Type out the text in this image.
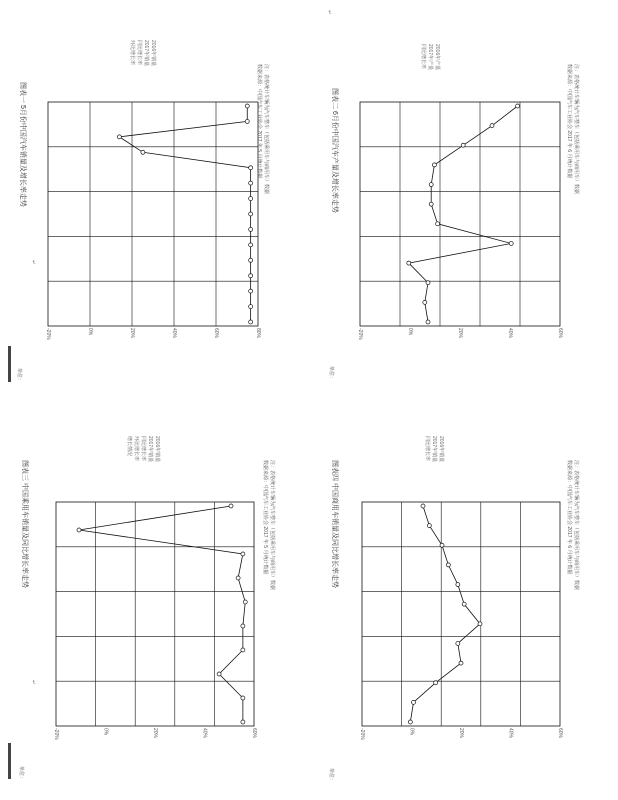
↵
↵
↵
图表一 5月份中国汽车销量及增长率走势
单位：
-20%	0%	20%	40%	60%	80%
数据来源：中国汽车工业协会 2017 年 5 月统计数据 注：表格统计车辆为汽车整车（包括乘用车与商用车）数据
2016年销量
2017年销量
同比增长率
环比增长率
图表二 6月份中国汽车产量及增长率走势
单位：
-20%	0%	20%	40%	60%
数据来源：中国汽车工业协会 2017 年 6 月统计数据 注：表格统计车辆为汽车整车（包括乘用车与商用车）数据
2016年产量
2017年产量
同比增长率
图表三 中国乘用车销量及同比增长率走势
单位：
-20%	0%	20%	40%	60%
数据来源：中国汽车工业协会 2017 年 5 月统计数据 注：表格统计车辆为汽车整车（包括乘用车与商用车）数据
2016年销量
2017年销量
同比增长率
环比增长率
增长情况
图表四 中国商用车销量及同比增长率走势
单位：
-20%	0%	20%	40%	60%
数据来源：中国汽车工业协会 2017 年 6 月统计数据 注：表格统计车辆为汽车整车（包括乘用车与商用车）数据
2016年销量
2017年销量
同比增长率
